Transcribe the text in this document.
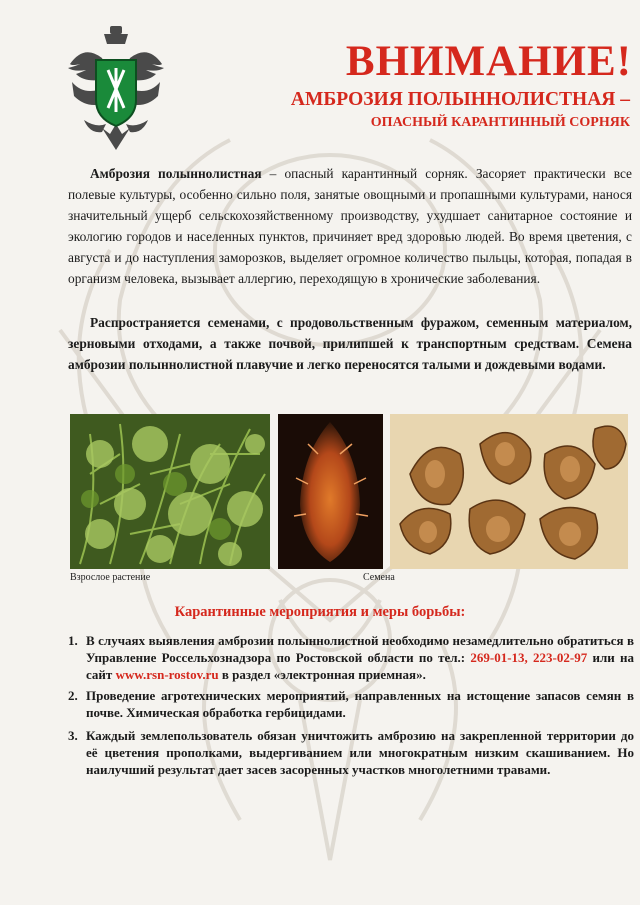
ВНИМАНИЕ!
АМБРОЗИЯ ПОЛЫННОЛИСТНАЯ –
ОПАСНЫЙ КАРАНТИННЫЙ СОРНЯК

Амброзия полыннолистная – опасный карантинный сорняк. Засоряет практически все полевые культуры, особенно сильно поля, занятые овощными и пропашными культурами, нанося значительный ущерб сельскохозяйственному производству, ухудшает санитарное состояние и экологию городов и населенных пунктов, причиняет вред здоровью людей. Во время цветения, с августа и до наступления заморозков, выделяет огромное количество пыльцы, которая, попадая в организм человека, вызывает аллергию, переходящую в хронические заболевания.

Распространяется семенами, с продовольственным фуражом, семенным материалом, зерновыми отходами, а также почвой, прилипшей к транспортным средствам. Семена амброзии полыннолистной плавучие и легко переносятся талыми и дождевыми водами.

Взрослое растение	Семена
Карантинные мероприятия и меры борьбы:
1. В случаях выявления амброзии полыннолистной необходимо незамедлительно обратиться в Управление Россельхознадзора по Ростовской области по тел.: 269-01-13, 223-02-97 или на сайт www.rsn-rostov.ru в раздел «электронная приемная».
2. Проведение агротехнических мероприятий, направленных на истощение запасов семян в почве. Химическая обработка гербицидами.
3. Каждый землепользователь обязан уничтожить амброзию на закрепленной территории до её цветения прополками, выдергиванием или многократным низким скашиванием. Но наилучший результат дает засев засоренных участков многолетними травами.
